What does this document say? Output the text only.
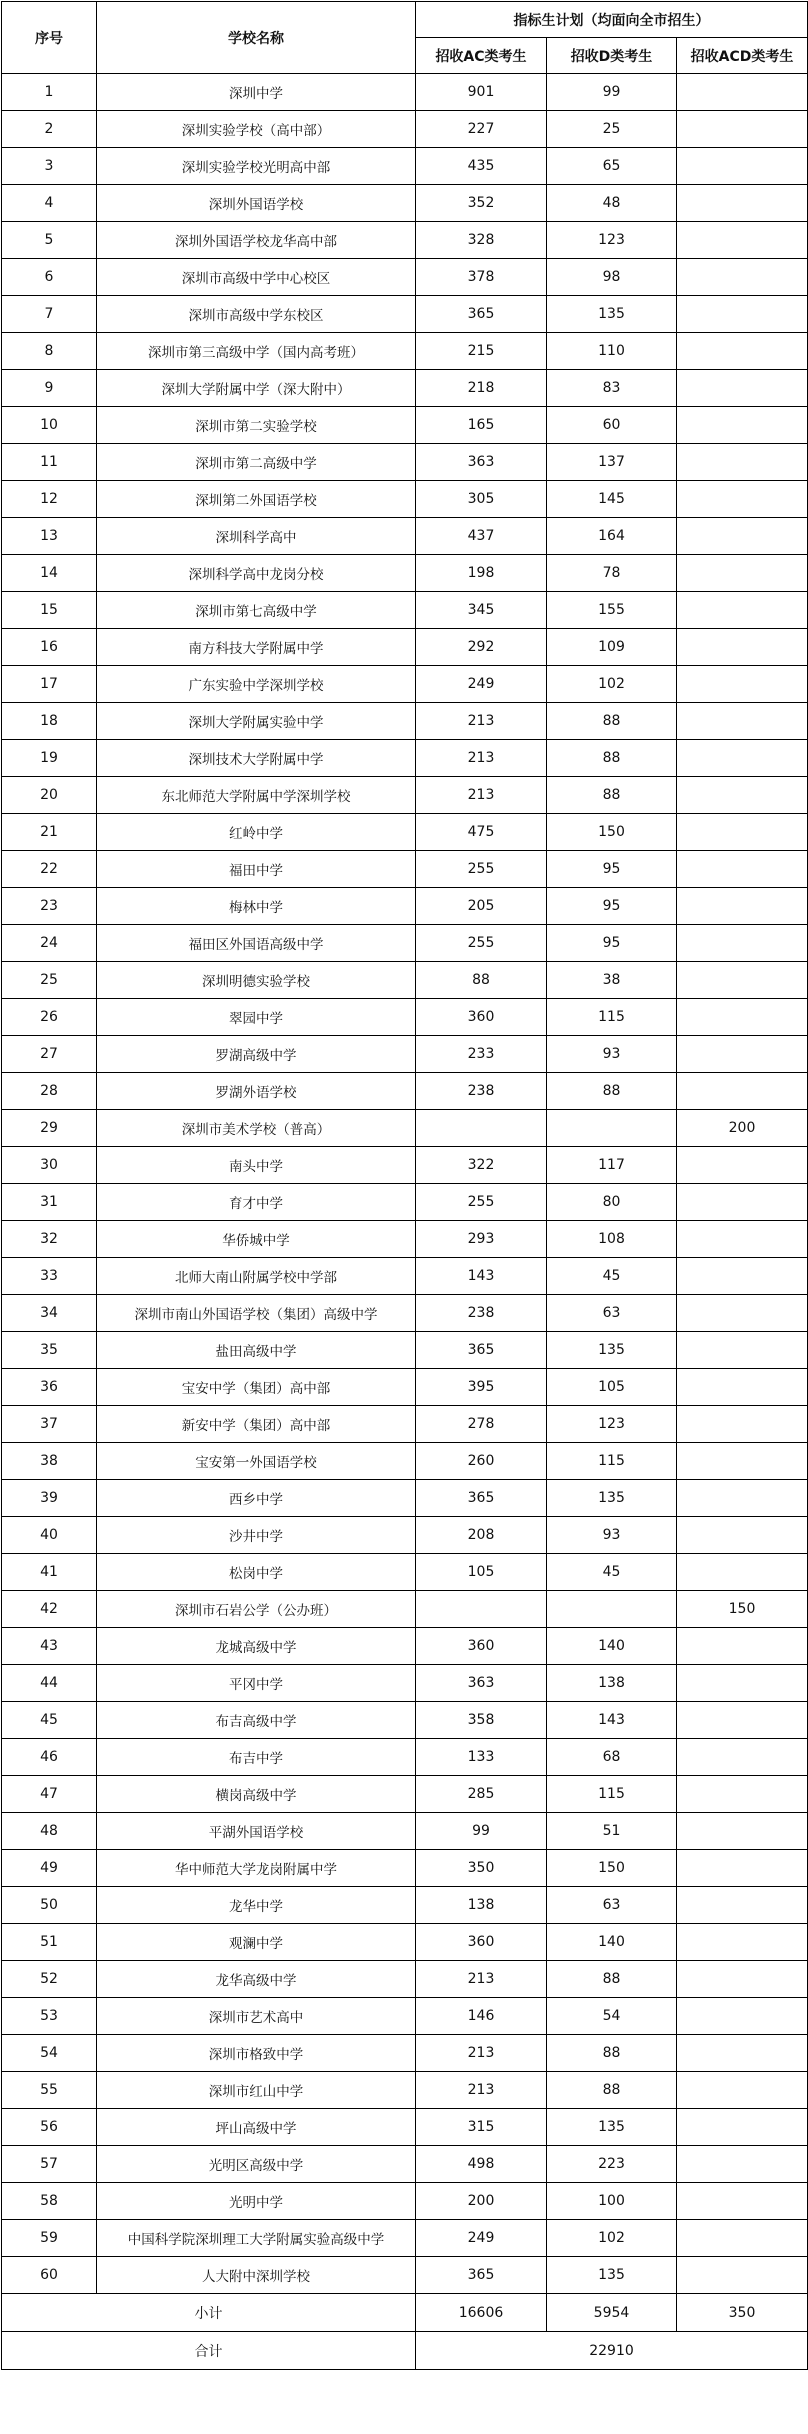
序号	学校名称	指标生计划（均面向全市招生）		
		招收AC类考生	招收D类考生	招收ACD类考生
1	深圳中学	901	99	
2	深圳实验学校（高中部）	227	25	
3	深圳实验学校光明高中部	435	65	
4	深圳外国语学校	352	48	
5	深圳外国语学校龙华高中部	328	123	
6	深圳市高级中学中心校区	378	98	
7	深圳市高级中学东校区	365	135	
8	深圳市第三高级中学（国内高考班）	215	110	
9	深圳大学附属中学（深大附中）	218	83	
10	深圳市第二实验学校	165	60	
11	深圳市第二高级中学	363	137	
12	深圳第二外国语学校	305	145	
13	深圳科学高中	437	164	
14	深圳科学高中龙岗分校	198	78	
15	深圳市第七高级中学	345	155	
16	南方科技大学附属中学	292	109	
17	广东实验中学深圳学校	249	102	
18	深圳大学附属实验中学	213	88	
19	深圳技术大学附属中学	213	88	
20	东北师范大学附属中学深圳学校	213	88	
21	红岭中学	475	150	
22	福田中学	255	95	
23	梅林中学	205	95	
24	福田区外国语高级中学	255	95	
25	深圳明德实验学校	88	38	
26	翠园中学	360	115	
27	罗湖高级中学	233	93	
28	罗湖外语学校	238	88	
29	深圳市美术学校（普高）			200
30	南头中学	322	117	
31	育才中学	255	80	
32	华侨城中学	293	108	
33	北师大南山附属学校中学部	143	45	
34	深圳市南山外国语学校（集团）高级中学	238	63	
35	盐田高级中学	365	135	
36	宝安中学（集团）高中部	395	105	
37	新安中学（集团）高中部	278	123	
38	宝安第一外国语学校	260	115	
39	西乡中学	365	135	
40	沙井中学	208	93	
41	松岗中学	105	45	
42	深圳市石岩公学（公办班）			150
43	龙城高级中学	360	140	
44	平冈中学	363	138	
45	布吉高级中学	358	143	
46	布吉中学	133	68	
47	横岗高级中学	285	115	
48	平湖外国语学校	99	51	
49	华中师范大学龙岗附属中学	350	150	
50	龙华中学	138	63	
51	观澜中学	360	140	
52	龙华高级中学	213	88	
53	深圳市艺术高中	146	54	
54	深圳市格致中学	213	88	
55	深圳市红山中学	213	88	
56	坪山高级中学	315	135	
57	光明区高级中学	498	223	
58	光明中学	200	100	
59	中国科学院深圳理工大学附属实验高级中学	249	102	
60	人大附中深圳学校	365	135	
小计		16606	5954	350
合计		22910		
